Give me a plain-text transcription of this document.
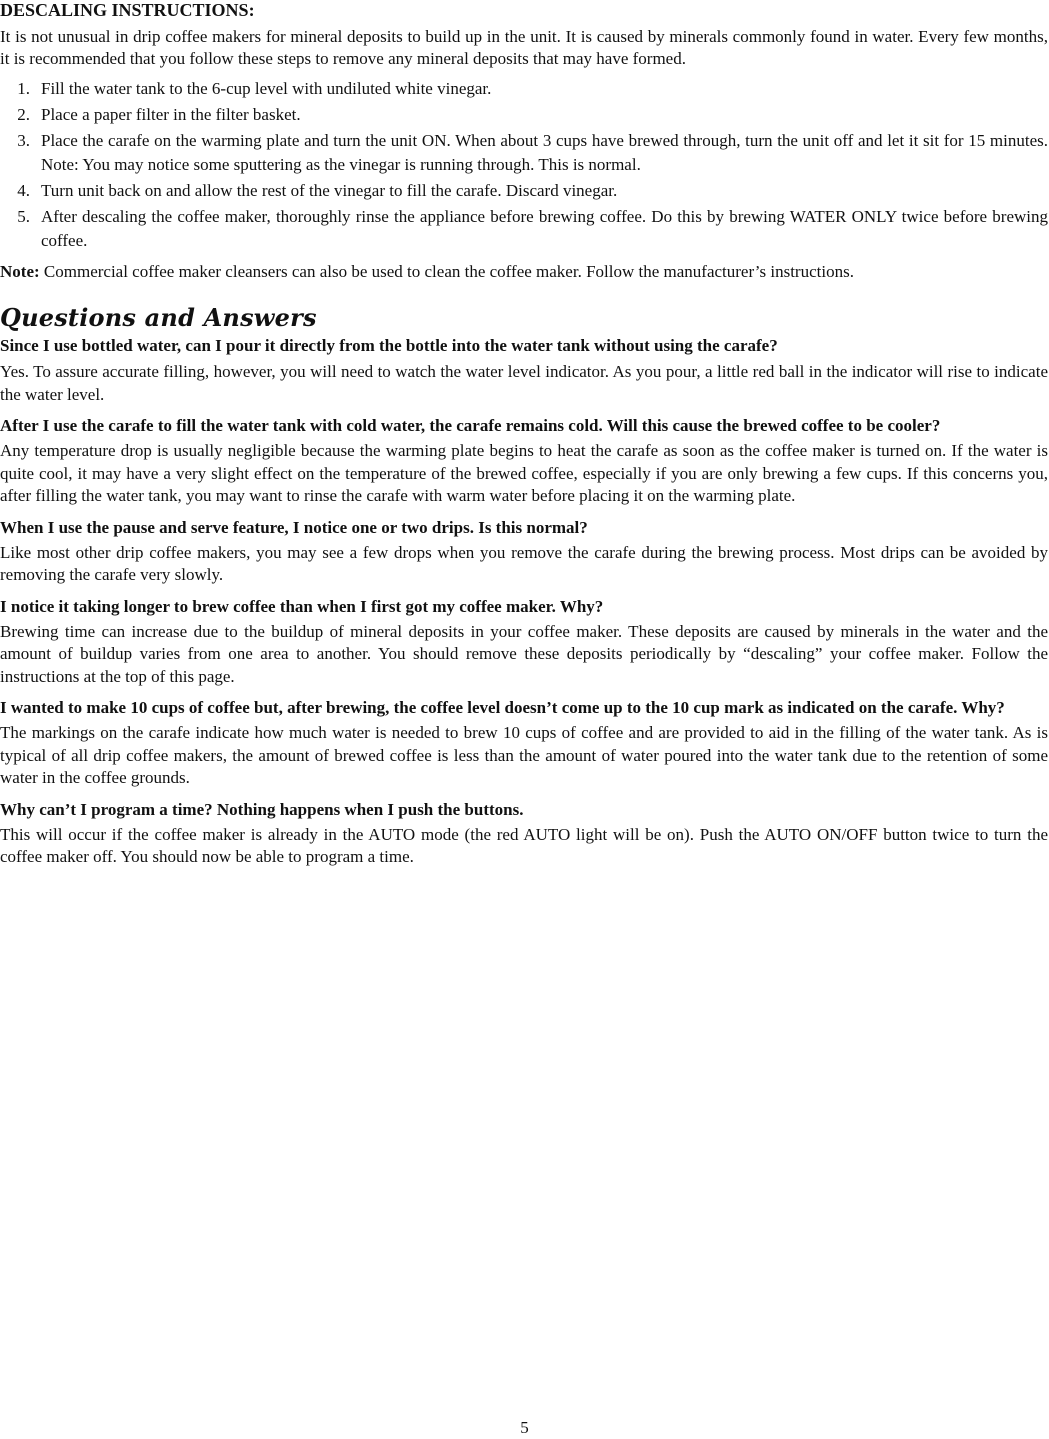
DESCALING INSTRUCTIONS:

It is not unusual in drip coffee makers for mineral deposits to build up in the unit. It is caused by minerals commonly found in water. Every few months, it is recommended that you follow these steps to remove any mineral deposits that may have formed.

1. Fill the water tank to the 6-cup level with undiluted white vinegar.
2. Place a paper filter in the filter basket.
3. Place the carafe on the warming plate and turn the unit ON. When about 3 cups have brewed through, turn the unit off and let it sit for 15 minutes. Note: You may notice some sputtering as the vinegar is running through. This is normal.
4. Turn unit back on and allow the rest of the vinegar to fill the carafe. Discard vinegar.
5. After descaling the coffee maker, thoroughly rinse the appliance before brewing coffee. Do this by brewing WATER ONLY twice before brewing coffee.

Note: Commercial coffee maker cleansers can also be used to clean the coffee maker. Follow the manufacturer’s instructions.

Questions and Answers

Since I use bottled water, can I pour it directly from the bottle into the water tank without using the carafe?

Yes. To assure accurate filling, however, you will need to watch the water level indicator. As you pour, a little red ball in the indicator will rise to indicate the water level.

After I use the carafe to fill the water tank with cold water, the carafe remains cold. Will this cause the brewed coffee to be cooler?

Any temperature drop is usually negligible because the warming plate begins to heat the carafe as soon as the coffee maker is turned on. If the water is quite cool, it may have a very slight effect on the temperature of the brewed coffee, especially if you are only brewing a few cups. If this concerns you, after filling the water tank, you may want to rinse the carafe with warm water before placing it on the warming plate.

When I use the pause and serve feature, I notice one or two drips. Is this normal?

Like most other drip coffee makers, you may see a few drops when you remove the carafe during the brewing process. Most drips can be avoided by removing the carafe very slowly.

I notice it taking longer to brew coffee than when I first got my coffee maker. Why?

Brewing time can increase due to the buildup of mineral deposits in your coffee maker. These deposits are caused by minerals in the water and the amount of buildup varies from one area to another. You should remove these deposits periodically by “descaling” your coffee maker. Follow the instructions at the top of this page.

I wanted to make 10 cups of coffee but, after brewing, the coffee level doesn’t come up to the 10 cup mark as indicated on the carafe. Why?

The markings on the carafe indicate how much water is needed to brew 10 cups of coffee and are provided to aid in the filling of the water tank. As is typical of all drip coffee makers, the amount of brewed coffee is less than the amount of water poured into the water tank due to the retention of some water in the coffee grounds.

Why can’t I program a time? Nothing happens when I push the buttons.

This will occur if the coffee maker is already in the AUTO mode (the red AUTO light will be on). Push the AUTO ON/OFF button twice to turn the coffee maker off. You should now be able to program a time.

5
